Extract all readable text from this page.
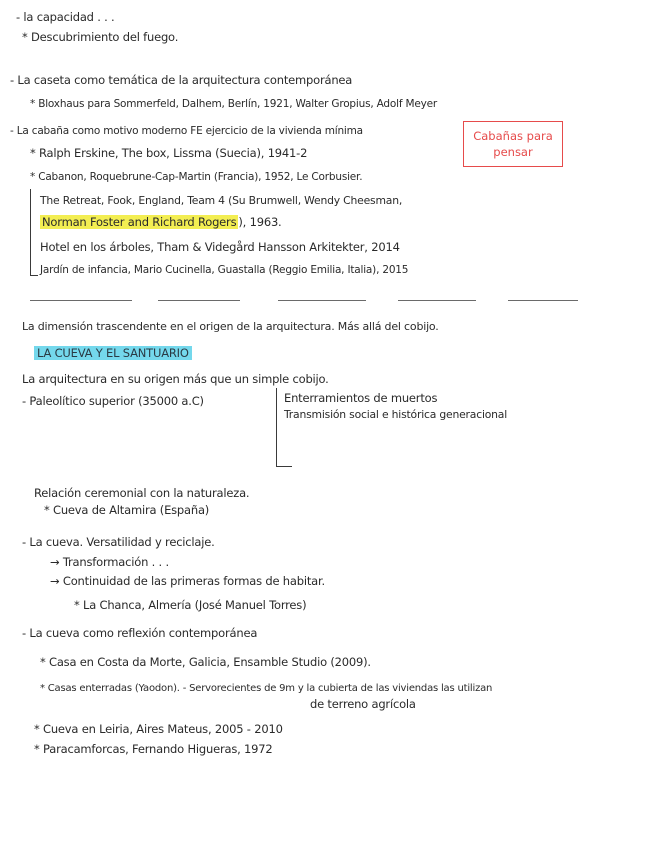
- la capacidad . . .
* Descubrimiento del fuego.
- La caseta como temática de la arquitectura contemporánea
* Bloxhaus para Sommerfeld, Dalhem, Berlín, 1921, Walter Gropius, Adolf Meyer
- La cabaña como motivo moderno FE ejercicio de la vivienda mínima	Cabañas para
pensar
* Ralph Erskine, The box, Lissma (Suecia), 1941-2
* Cabanon, Roquebrune-Cap-Martin (Francia), 1952, Le Corbusier.
The Retreat, Fook, England, Team 4 (Su Brumwell, Wendy Cheesman,
Norman Foster and Richard Rogers ), 1963.
Hotel en los árboles, Tham & Videgård Hansson Arkitekter, 2014
Jardín de infancia, Mario Cucinella, Guastalla (Reggio Emilia, Italia), 2015
La dimensión trascendente en el origen de la arquitectura. Más allá del cobijo.
LA CUEVA Y EL SANTUARIO
La arquitectura en su origen más que un simple cobijo.
- Paleolítico superior (35000 a.C)	Enterramientos de muertos
Transmisión social e histórica generacional
Relación ceremonial con la naturaleza.
* Cueva de Altamira (España)
- La cueva. Versatilidad y reciclaje.
→ Transformación . . .
→ Continuidad de las primeras formas de habitar.
* La Chanca, Almería (José Manuel Torres)
- La cueva como reflexión contemporánea
* Casa en Costa da Morte, Galicia, Ensamble Studio (2009).
* Casas enterradas (Yaodon). - Servorecientes de 9m y la cubierta de las viviendas las utilizan
de terreno agrícola
* Cueva en Leiria, Aires Mateus, 2005 - 2010
* Paracamforcas, Fernando Higueras, 1972
